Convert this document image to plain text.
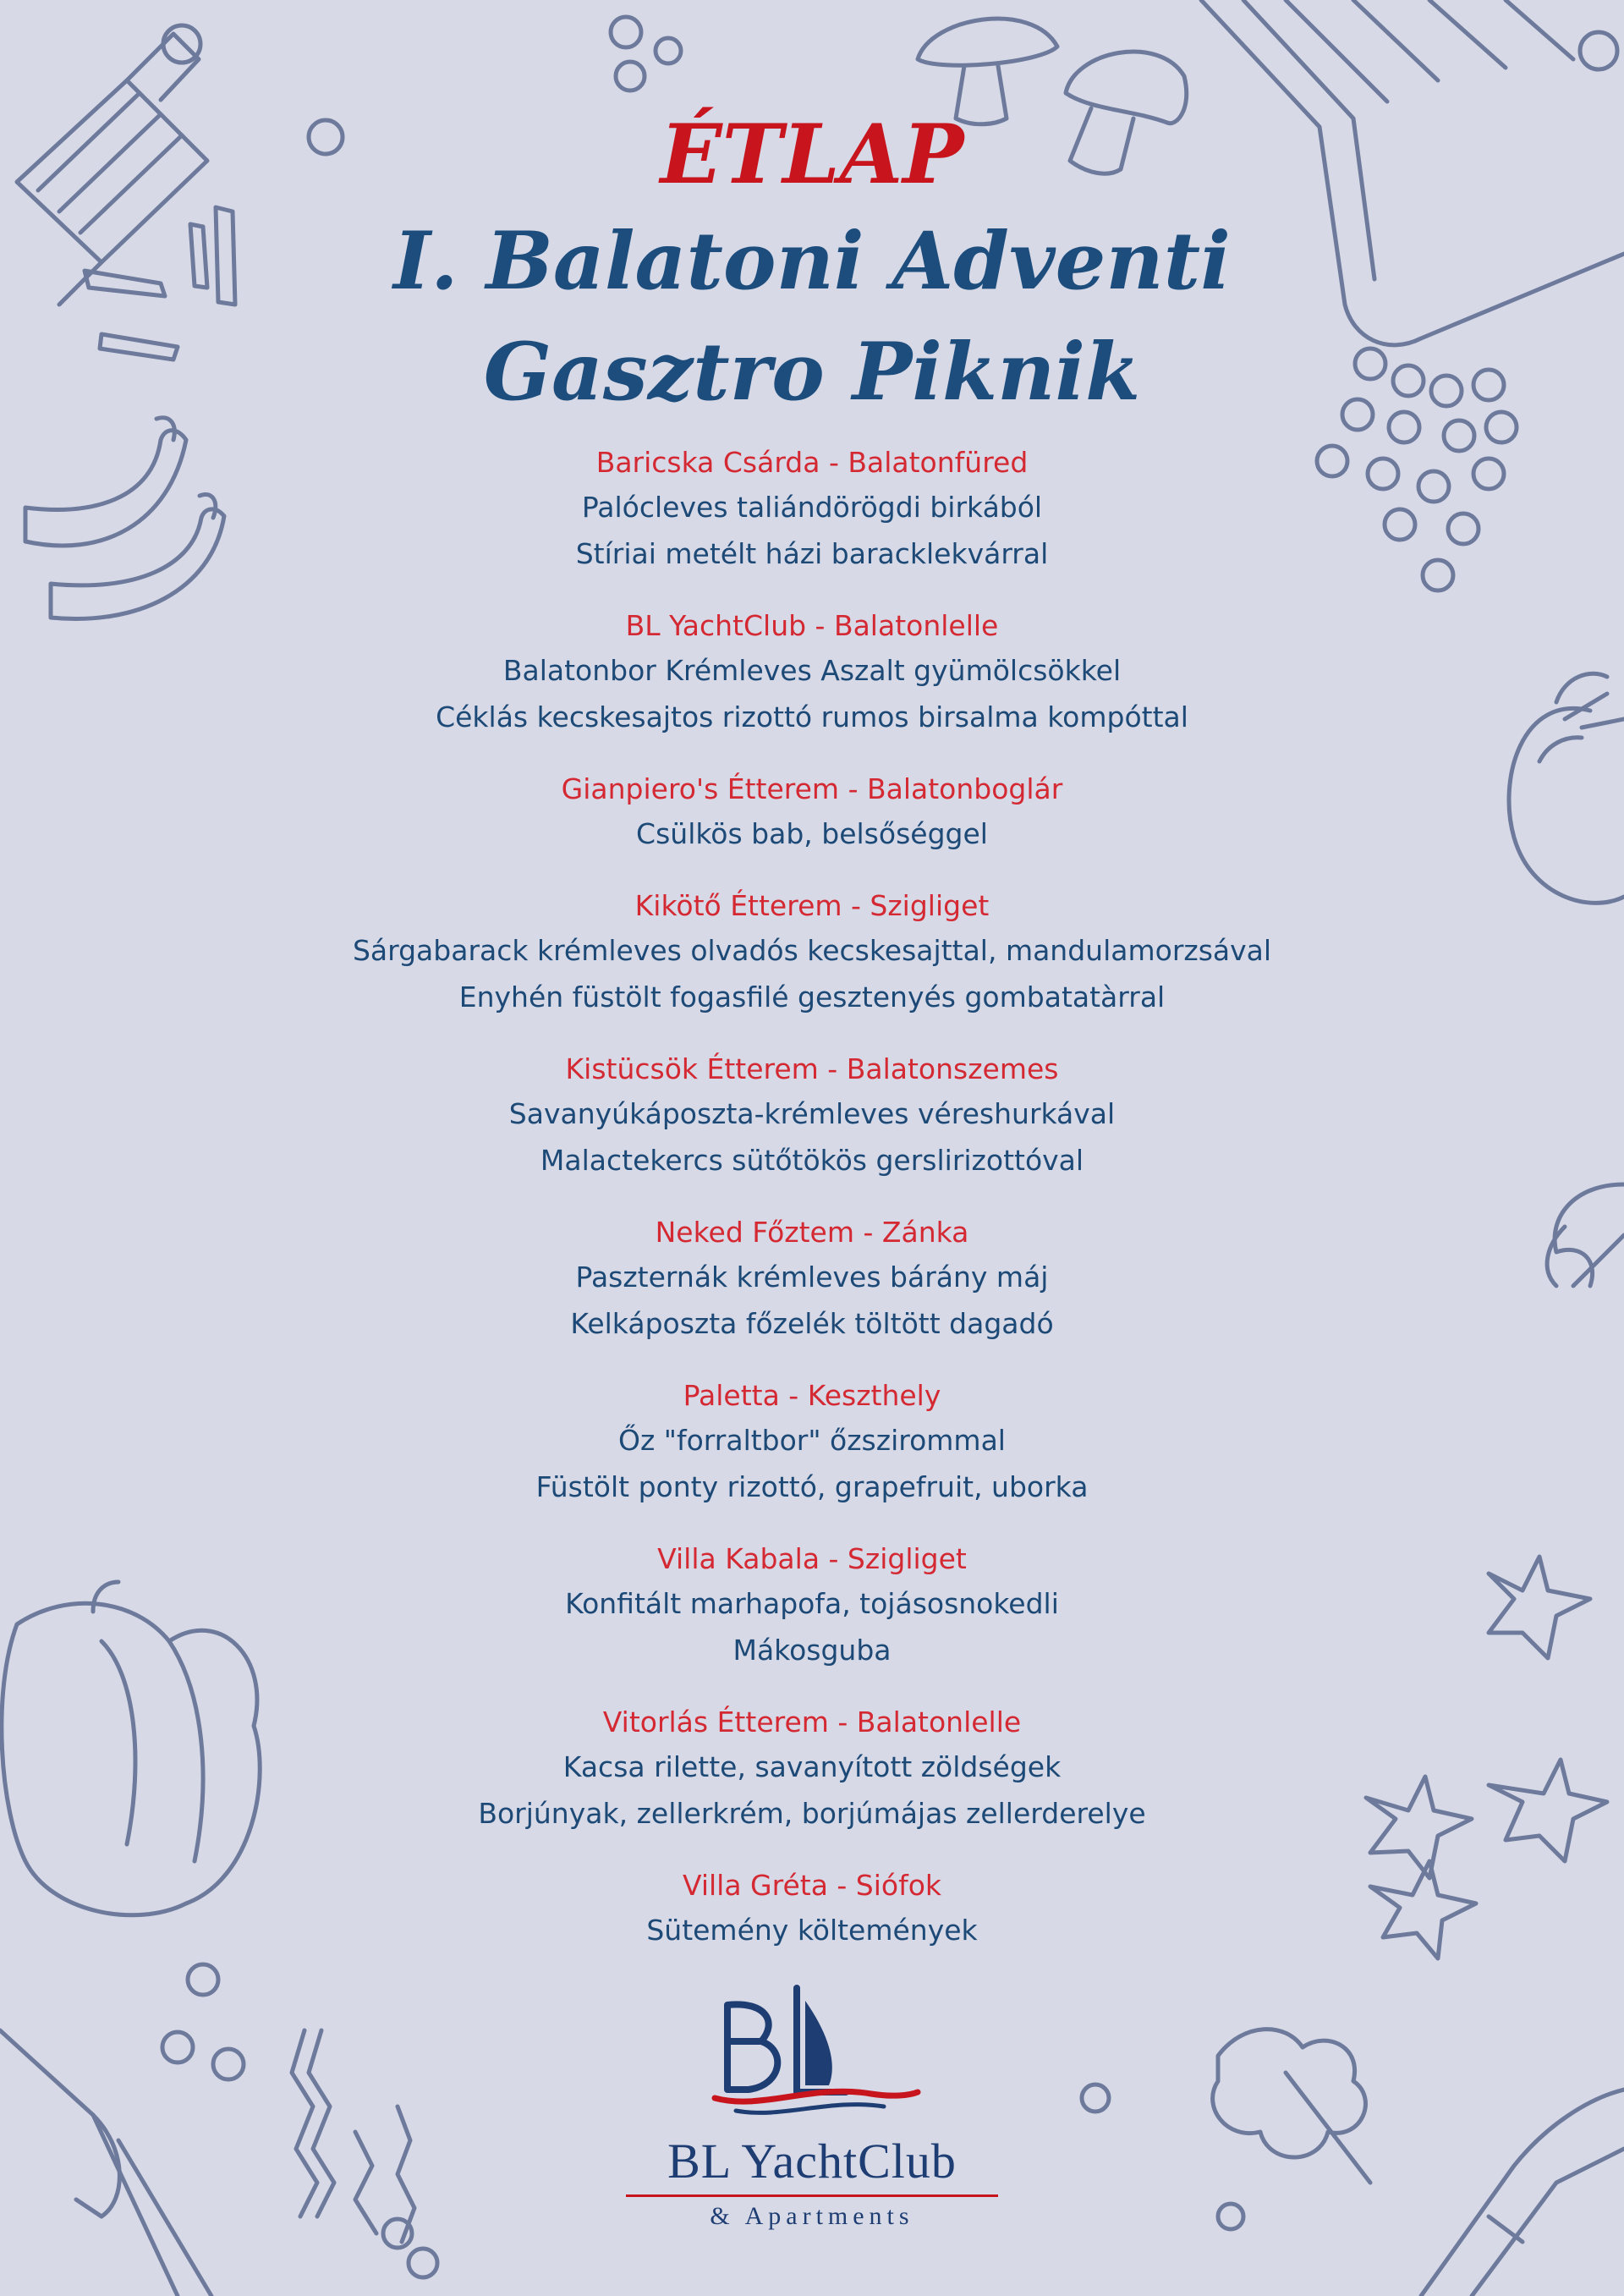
ÉTLAP
I. Balatoni Adventi
Gasztro Piknik

Baricska Csárda - Balatonfüred

Palócleves taliándörögdi birkából

Stíriai metélt házi baracklekvárral

BL YachtClub - Balatonlelle

Balatonbor Krémleves Aszalt gyümölcsökkel

Céklás kecskesajtos rizottó rumos birsalma kompóttal

Gianpiero's Étterem - Balatonboglár

Csülkös bab, belsőséggel

Kikötő Étterem - Szigliget

Sárgabarack krémleves olvadós kecskesajttal, mandulamorzsával

Enyhén füstölt fogasfilé gesztenyés gombatatàrral

Kistücsök Étterem - Balatonszemes

Savanyúkáposzta-krémleves véreshurkával

Malactekercs sütőtökös gerslirizottóval

Neked Főztem - Zánka

Paszternák krémleves bárány máj

Kelkáposzta főzelék töltött dagadó

Paletta - Keszthely

Őz "forraltbor" őzszirommal

Füstölt ponty rizottó, grapefruit, uborka

Villa Kabala - Szigliget

Konfitált marhapofa, tojásosnokedli

Mákosguba

Vitorlás Étterem - Balatonlelle

Kacsa rilette, savanyított zöldségek

Borjúnyak, zellerkrém, borjúmájas zellerderelye

Villa Gréta - Siófok

Sütemény költemények

BL YachtClub
& Apartments
